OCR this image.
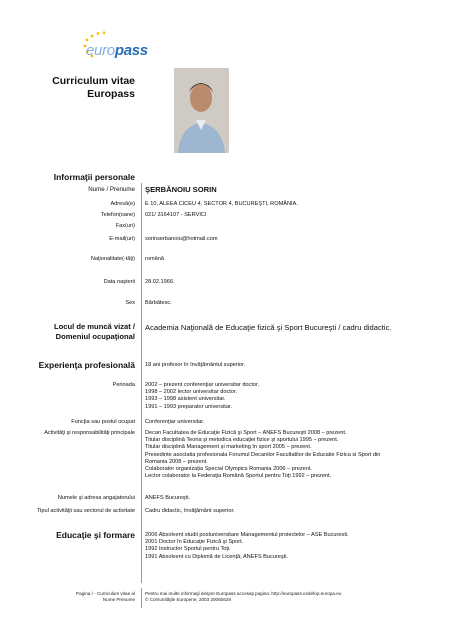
europass
Curriculum vitae
Europass
Informaţii personale
Nume / Prenume ŞERBĂNOIU SORIN
Adresă(e) E 10, ALEEA CICEU 4, SECTOR 4, BUCUREŞTI, ROMÂNIA.
Telefon(oane) 021/ 3164107 - SERVICI
Fax(uri)
E-mail(uri) sorinserbanoiu@hotmail.com
Naţionalitate(-tăţi) română
Data naşterii 28.02.1966.
Sex Bărbătesc.
Locul de muncă vizat /
Domeniul ocupaţional
Academia Naţională de Educaţie fizică şi Sport Bucureşti / cadru didactic.
Experienţa profesională 18 ani profesor în învăţământul superior.
Perioada 2002 – prezent conferenţiar universitar doctor.
1998 – 2002 lector universitar doctor.
1993 – 1998 asistent universitar.
1991 – 1993 preparator universitar.
Funcţia sau postul ocupat Conferenţiar universitar.
Activităţi şi responsabilităţi principale Decan Facultatea de Educaţie Fizică şi Sport – ANEFS Bucureşti 2008 – prezent.
Titular disciplină Teoria şi metodica educaţiei fizice şi sportului 1995 – prezent.
Titular disciplină Management şi marketing în sport 2005 – prezent.
Presedinte asociatia profesionala Forumul Decanilor Facultatilor de Educatie Fizica si Sport din
Romania 2008 – prezent.
Colaborator organizaţia Special Olympics Romania 2006 – prezent.
Lector colaborator la Federaţia Română Sportul pentru Toţi 1992 – prezent.
Numele şi adresa angajatorului ANEFS Bucureşti.
Tipul activităţii sau sectorul de activitate Cadru didactic, învăţământ superior.
Educaţie şi formare 2006 Absolvent studii postuniversitare Managementul proiectelor – ASE Bucuresti.
2001 Doctor în Educaţie Fizică şi Sport.
1992 Instructor Sportul pentru Toţi.
1991 Absolvent cu Diplomă de Licenţă, ANEFS Bucureşti.
Pagina / - Curriculum vitae al
Nume Prenume
Pentru mai multe informaţii despre Europass accesaţi pagina: http://europass.cedefop.europa.eu
© Comunităţile Europene, 2003 20060628
